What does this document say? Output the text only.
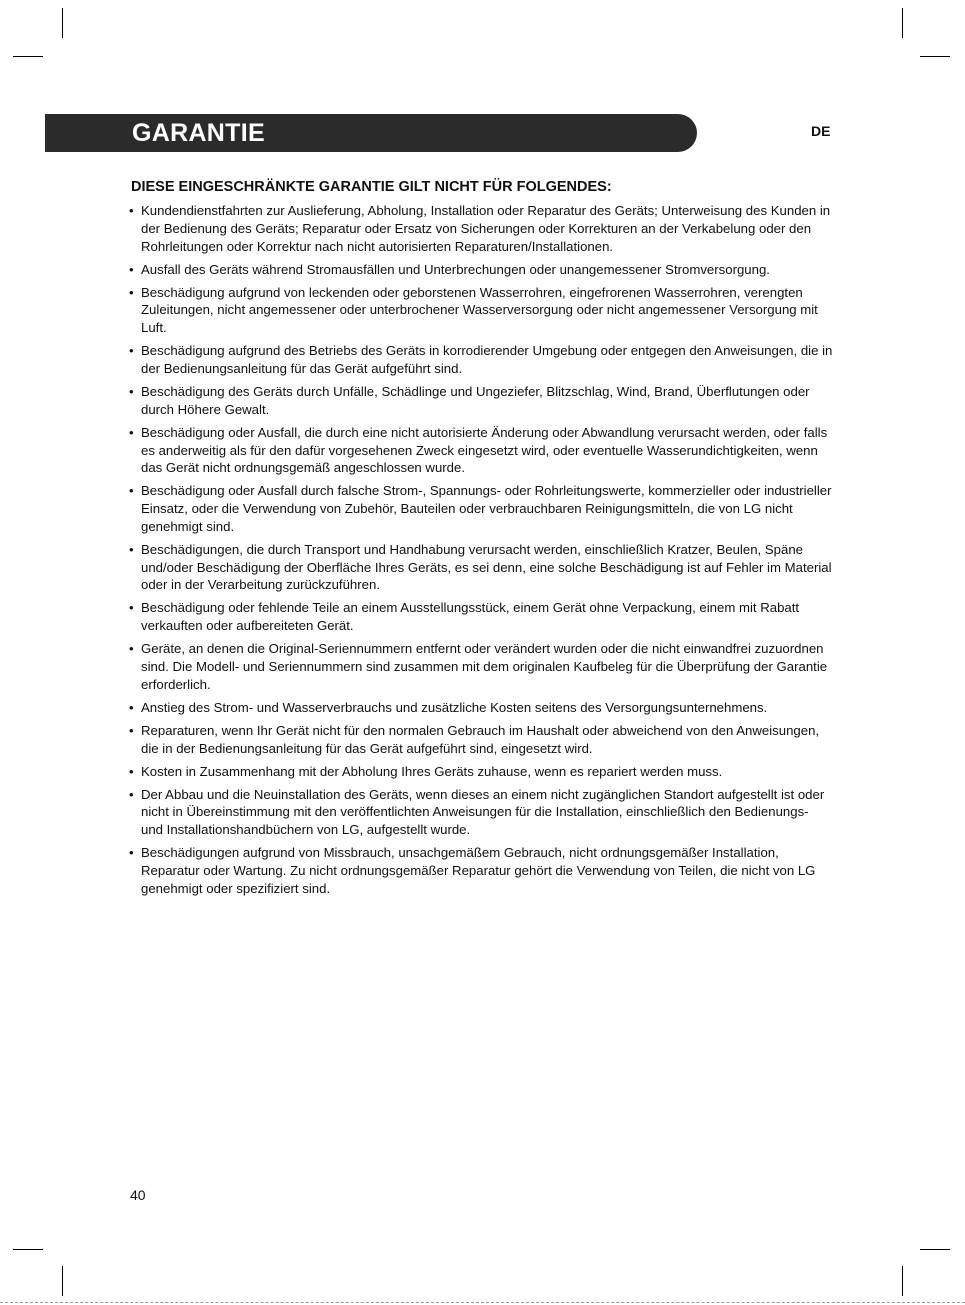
GARANTIE	DE
DIESE EINGESCHRÄNKTE GARANTIE GILT NICHT FÜR FOLGENDES:
• Kundendienstfahrten zur Auslieferung, Abholung, Installation oder Reparatur des Geräts; Unterweisung des Kunden in der Bedienung des Geräts; Reparatur oder Ersatz von Sicherungen oder Korrekturen an der Verkabelung oder den Rohrleitungen oder Korrektur nach nicht autorisierten Reparaturen/Installationen.
• Ausfall des Geräts während Stromausfällen und Unterbrechungen oder unangemessener Stromversorgung.
• Beschädigung aufgrund von leckenden oder geborstenen Wasserrohren, eingefrorenen Wasserrohren, verengten Zuleitungen, nicht angemessener oder unterbrochener Wasserversorgung oder nicht angemessener Versorgung mit Luft.
• Beschädigung aufgrund des Betriebs des Geräts in korrodierender Umgebung oder entgegen den Anweisungen, die in der Bedienungsanleitung für das Gerät aufgeführt sind.
• Beschädigung des Geräts durch Unfälle, Schädlinge und Ungeziefer, Blitzschlag, Wind, Brand, Überflutungen oder durch Höhere Gewalt.
• Beschädigung oder Ausfall, die durch eine nicht autorisierte Änderung oder Abwandlung verursacht werden, oder falls es anderweitig als für den dafür vorgesehenen Zweck eingesetzt wird, oder eventuelle Wasserundichtigkeiten, wenn das Gerät nicht ordnungsgemäß angeschlossen wurde.
• Beschädigung oder Ausfall durch falsche Strom-, Spannungs- oder Rohrleitungswerte, kommerzieller oder industrieller Einsatz, oder die Verwendung von Zubehör, Bauteilen oder verbrauchbaren Reinigungsmitteln, die von LG nicht genehmigt sind.
• Beschädigungen, die durch Transport und Handhabung verursacht werden, einschließlich Kratzer, Beulen, Späne und/oder Beschädigung der Oberfläche Ihres Geräts, es sei denn, eine solche Beschädigung ist auf Fehler im Material oder in der Verarbeitung zurückzuführen.
• Beschädigung oder fehlende Teile an einem Ausstellungsstück, einem Gerät ohne Verpackung, einem mit Rabatt verkauften oder aufbereiteten Gerät.
• Geräte, an denen die Original-Seriennummern entfernt oder verändert wurden oder die nicht einwandfrei zuzuordnen sind. Die Modell- und Seriennummern sind zusammen mit dem originalen Kaufbeleg für die Überprüfung der Garantie erforderlich.
• Anstieg des Strom- und Wasserverbrauchs und zusätzliche Kosten seitens des Versorgungsunternehmens.
• Reparaturen, wenn Ihr Gerät nicht für den normalen Gebrauch im Haushalt oder abweichend von den Anweisungen, die in der Bedienungsanleitung für das Gerät aufgeführt sind, eingesetzt wird.
• Kosten in Zusammenhang mit der Abholung Ihres Geräts zuhause, wenn es repariert werden muss.
• Der Abbau und die Neuinstallation des Geräts, wenn dieses an einem nicht zugänglichen Standort aufgestellt ist oder nicht in Übereinstimmung mit den veröffentlichten Anweisungen für die Installation, einschließlich den Bedienungs- und Installationshandbüchern von LG, aufgestellt wurde.
• Beschädigungen aufgrund von Missbrauch, unsachgemäßem Gebrauch, nicht ordnungsgemäßer Installation, Reparatur oder Wartung. Zu nicht ordnungsgemäßer Reparatur gehört die Verwendung von Teilen, die nicht von LG genehmigt oder spezifiziert sind.
40
